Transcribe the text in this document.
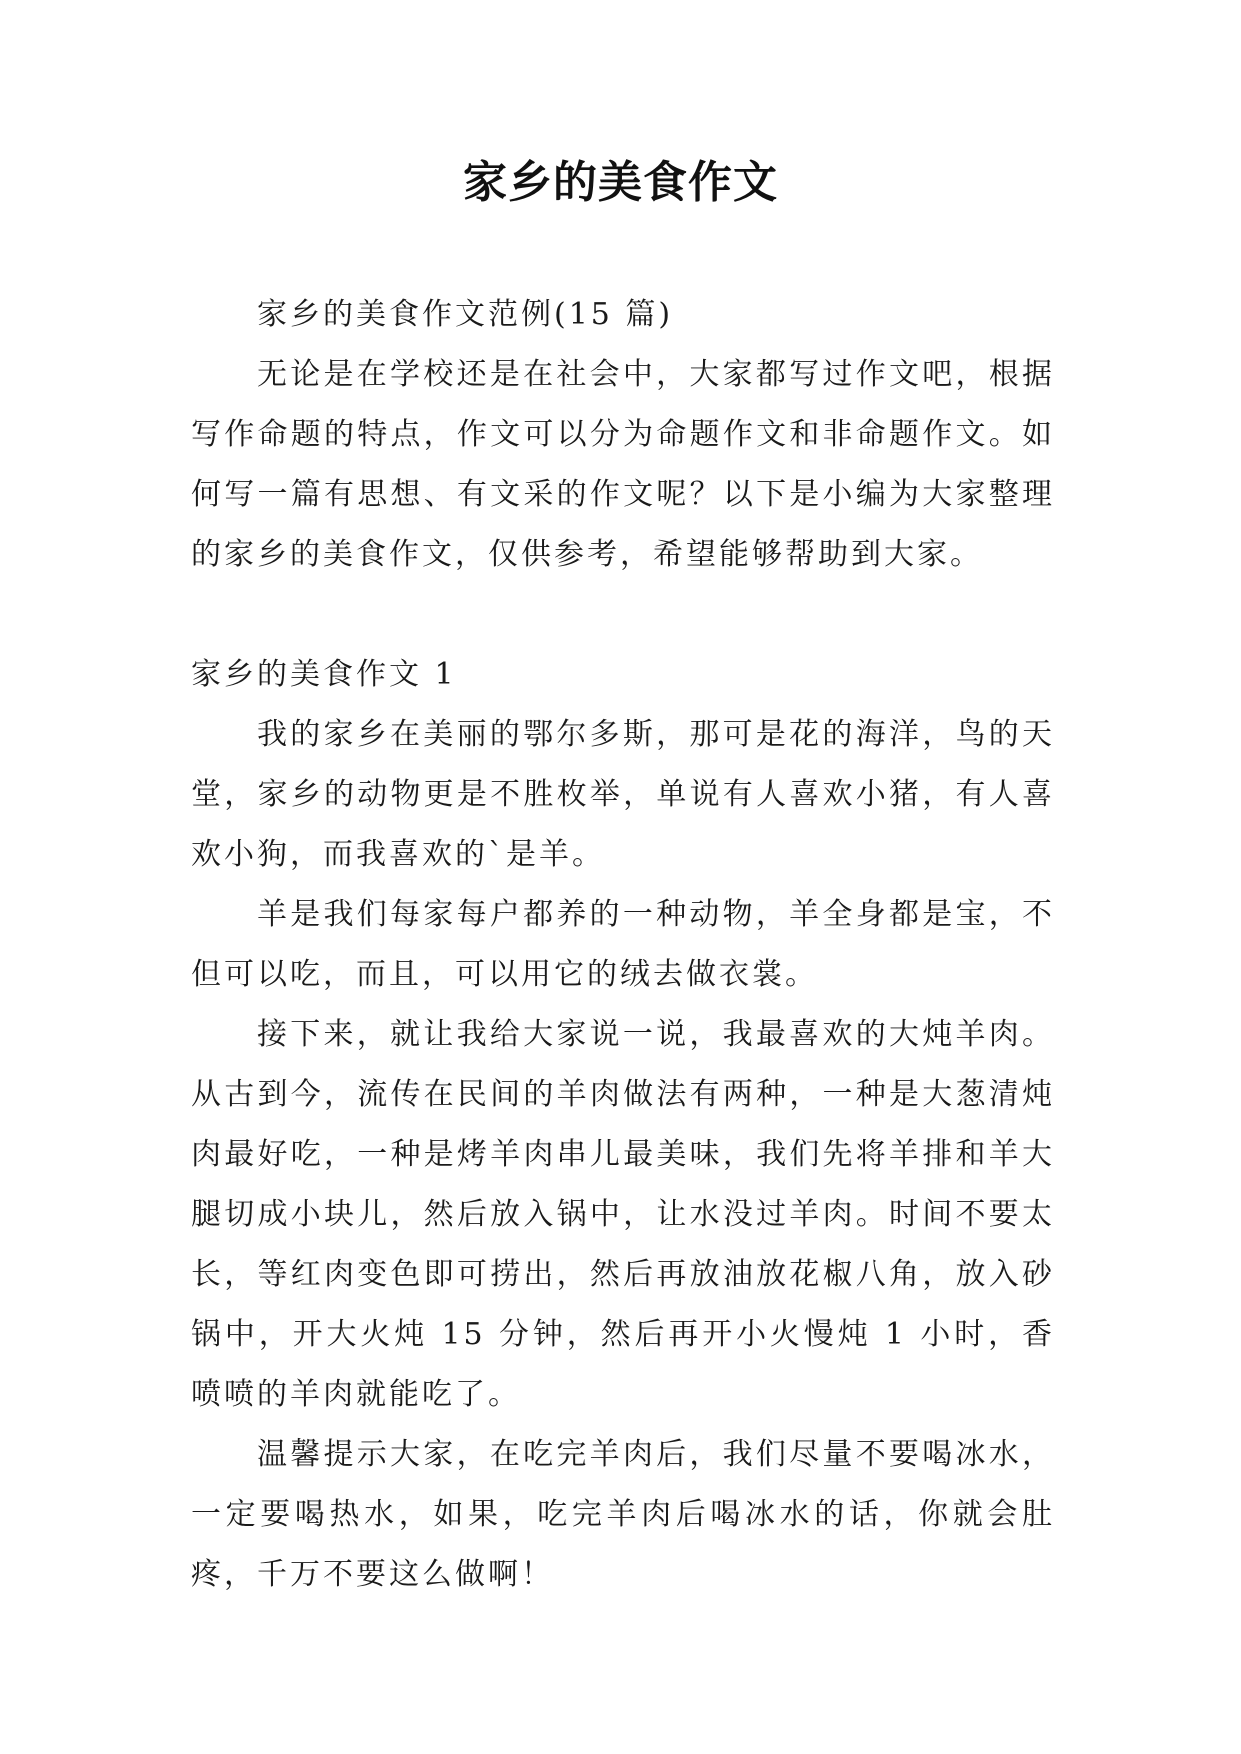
家乡的美食作文

家乡的美食作文范例(15 篇)

无论是在学校还是在社会中，大家都写过作文吧，根据写作命题的特点，作文可以分为命题作文和非命题作文。如何写一篇有思想、有文采的作文呢？以下是小编为大家整理的家乡的美食作文，仅供参考，希望能够帮助到大家。

家乡的美食作文 1

我的家乡在美丽的鄂尔多斯，那可是花的海洋，鸟的天堂，家乡的动物更是不胜枚举，单说有人喜欢小猪，有人喜欢小狗，而我喜欢的`是羊。

羊是我们每家每户都养的一种动物，羊全身都是宝，不但可以吃，而且，可以用它的绒去做衣裳。

接下来，就让我给大家说一说，我最喜欢的大炖羊肉。从古到今，流传在民间的羊肉做法有两种，一种是大葱清炖肉最好吃，一种是烤羊肉串儿最美味，我们先将羊排和羊大腿切成小块儿，然后放入锅中，让水没过羊肉。时间不要太长，等红肉变色即可捞出，然后再放油放花椒八角，放入砂锅中，开大火炖 15 分钟，然后再开小火慢炖 1 小时，香喷喷的羊肉就能吃了。

温馨提示大家，在吃完羊肉后，我们尽量不要喝冰水，一定要喝热水，如果，吃完羊肉后喝冰水的话，你就会肚疼，千万不要这么做啊！
